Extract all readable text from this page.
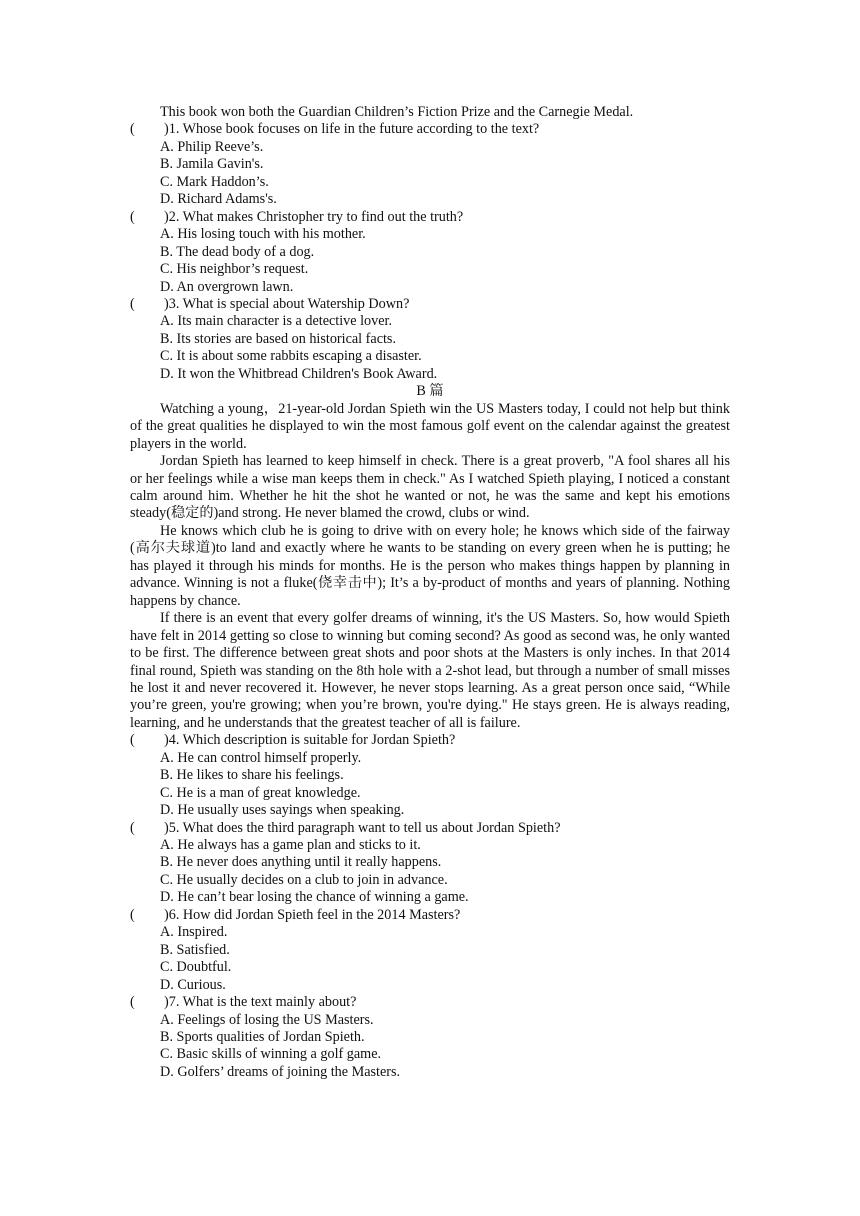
This book won both the Guardian Children’s Fiction Prize and the Carnegie Medal.

(	)1. Whose book focuses on life in the future according to the text?

A. Philip Reeve’s.

B. Jamila Gavin's.

C. Mark Haddon’s.

D. Richard Adams's.

(	)2. What makes Christopher try to find out the truth?

A. His losing touch with his mother.

B. The dead body of a dog.

C. His neighbor’s request.

D. An overgrown lawn.

(	)3. What is special about Watership Down?

A. Its main character is a detective lover.

B. Its stories are based on historical facts.

C. It is about some rabbits escaping a disaster.

D. It won the Whitbread Children's Book Award.

B 篇

Watching a young，21-year-old Jordan Spieth win the US Masters today, I could not help but think of the great qualities he displayed to win the most famous golf event on the calendar against the greatest players in the world.

Jordan Spieth has learned to keep himself in check. There is a great proverb, "A fool shares all his or her feelings while a wise man keeps them in check." As I watched Spieth playing, I noticed a constant calm around him. Whether he hit the shot he wanted or not, he was the same and kept his emotions steady(稳定的)and strong. He never blamed the crowd, clubs or wind.

He knows which club he is going to drive with on every hole; he knows which side of the fairway (高尔夫球道)to land and exactly where he wants to be standing on every green when he is putting; he has played it through his minds for months. He is the person who makes things happen by planning in advance. Winning is not a fluke(侥幸击中); It’s a by-product of months and years of planning. Nothing happens by chance.

If there is an event that every golfer dreams of winning, it's the US Masters. So, how would Spieth have felt in 2014 getting so close to winning but coming second? As good as second was, he only wanted to be first. The difference between great shots and poor shots at the Masters is only inches. In that 2014 final round, Spieth was standing on the 8th hole with a 2-shot lead, but through a number of small misses he lost it and never recovered it. However, he never stops learning. As a great person once said, “While you’re green, you're growing; when you’re brown, you're dying." He stays green. He is always reading, learning, and he understands that the greatest teacher of all is failure.

(	)4. Which description is suitable for Jordan Spieth?

A. He can control himself properly.

B. He likes to share his feelings.

C. He is a man of great knowledge.

D. He usually uses sayings when speaking.

(	)5. What does the third paragraph want to tell us about Jordan Spieth?

A. He always has a game plan and sticks to it.

B. He never does anything until it really happens.

C. He usually decides on a club to join in advance.

D. He can’t bear losing the chance of winning a game.

(	)6. How did Jordan Spieth feel in the 2014 Masters?

A. Inspired.

B. Satisfied.

C. Doubtful.

D. Curious.

(	)7. What is the text mainly about?

A. Feelings of losing the US Masters.

B. Sports qualities of Jordan Spieth.

C. Basic skills of winning a golf game.

D. Golfers’ dreams of joining the Masters.
